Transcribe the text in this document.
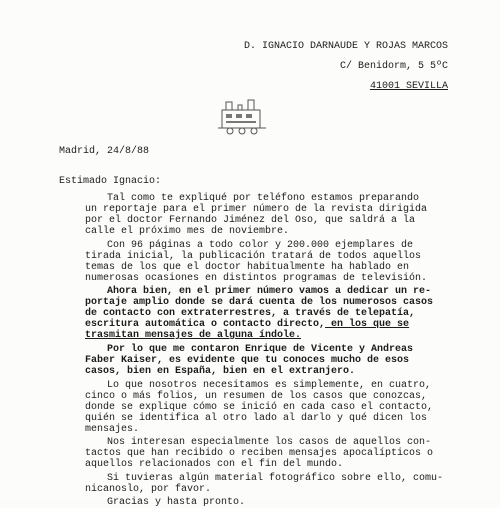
D. IGNACIO DARNAUDE Y ROJAS MARCOS
C/ Benidorm, 5 5ºC
41001 SEVILLA
Madrid, 24/8/88
Estimado Ignacio:
Tal como te expliqué por teléfono estamos preparando
un reportaje para el primer número de la revista dirigida
por el doctor Fernando Jiménez del Oso, que saldrá a la
calle el próximo mes de noviembre.
Con 96 páginas a todo color y 200.000 ejemplares de
tirada inicial, la publicación tratará de todos aquellos
temas de los que el doctor habitualmente ha hablado en
numerosas ocasiones en distintos programas de televisión.
Ahora bien, en el primer número vamos a dedicar un re-
portaje amplio donde se dará cuenta de los numerosos casos
de contacto con extraterrestres, a través de telepatía,
escritura automática o contacto directo, en los que se
trasmitan mensajes de alguna índole.
Por lo que me contaron Enrique de Vicente y Andreas
Faber Kaiser, es evidente que tu conoces mucho de esos
casos, bien en España, bien en el extranjero.
Lo que nosotros necesitamos es simplemente, en cuatro,
cinco o más folios, un resumen de los casos que conozcas,
donde se explique cómo se inició en cada caso el contacto,
quién se identifica al otro lado al darlo y qué dicen los
mensajes.
Nos interesan especialmente los casos de aquellos con-
tactos que han recibido o reciben mensajes apocalípticos o
aquellos relacionados con el fin del mundo.
Si tuvieras algún material fotográfico sobre ello, comu-
nicanoslo, por favor.
Gracias y hasta pronto.
